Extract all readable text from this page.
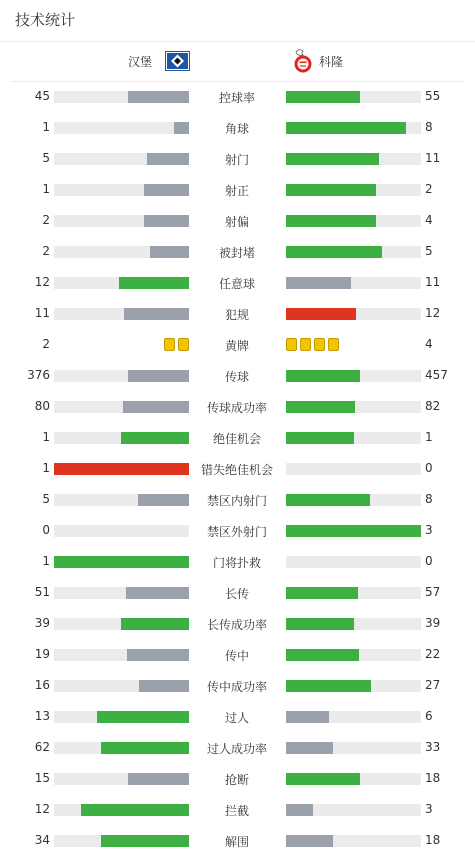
技术统计
汉堡	科隆
45	控球率	55
1	角球	8
5	射门	11
1	射正	2
2	射偏	4
2	被封堵	5
12	任意球	11
11	犯规	12
2	黄牌	4
376	传球	457
80	传球成功率	82
1	绝佳机会	1
1	错失绝佳机会	0
5	禁区内射门	8
0	禁区外射门	3
1	门将扑救	0
51	长传	57
39	长传成功率	39
19	传中	22
16	传中成功率	27
13	过人	6
62	过人成功率	33
15	抢断	18
12	拦截	3
34	解围	18
